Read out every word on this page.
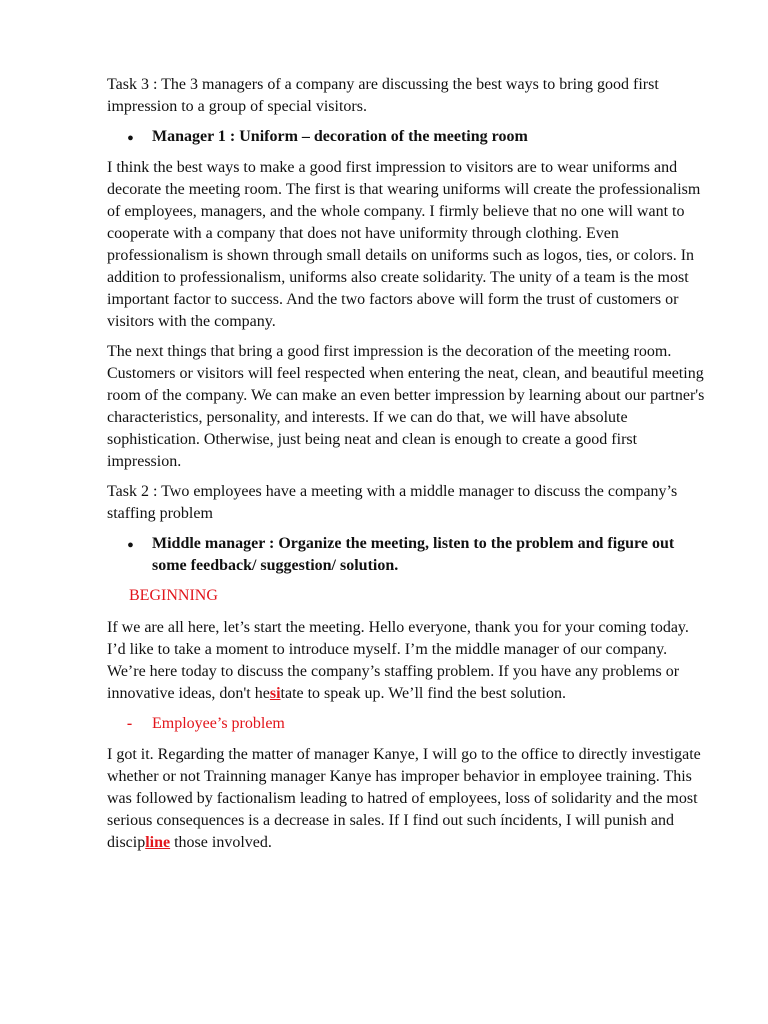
Task 3 : The 3 managers of a company are discussing the best ways to bring good first impression to a group of special visitors.

●
Manager 1 : Uniform – decoration of the meeting room

I think the best ways to make a good first impression to visitors are to wear uniforms and decorate the meeting room. The first is that wearing uniforms will create the professionalism of employees, managers, and the whole company. I firmly believe that no one will want to cooperate with a company that does not have uniformity through clothing. Even professionalism is shown through small details on uniforms such as logos, ties, or colors. In addition to professionalism, uniforms also create solidarity. The unity of a team is the most important factor to success. And the two factors above will form the trust of customers or visitors with the company.

The next things that bring a good first impression is the decoration of the meeting room. Customers or visitors will feel respected when entering the neat, clean, and beautiful meeting room of the company. We can make an even better impression by learning about our partner's characteristics, personality, and interests. If we can do that, we will have absolute sophistication. Otherwise, just being neat and clean is enough to create a good first impression.

Task 2 : Two employees have a meeting with a middle manager to discuss the company’s staffing problem

●
Middle manager : Organize the meeting, listen to the problem and figure out some feedback/ suggestion/ solution.

BEGINNING

If we are all here, let’s start the meeting. Hello everyone, thank you for your coming today. I’d like to take a moment to introduce myself. I’m the middle manager of our company. We’re here today to discuss the company’s staffing problem. If you have any problems or innovative ideas, don't hesitate to speak up. We’ll find the best solution.

-	Employee’s problem

I got it. Regarding the matter of manager Kanye, I will go to the office to directly investigate whether or not Trainning manager Kanye has improper behavior in employee training. This was followed by factionalism leading to hatred of employees, loss of solidarity and the most serious consequences is a decrease in sales. If I find out such íncidents, I will punish and discipline those involved.
